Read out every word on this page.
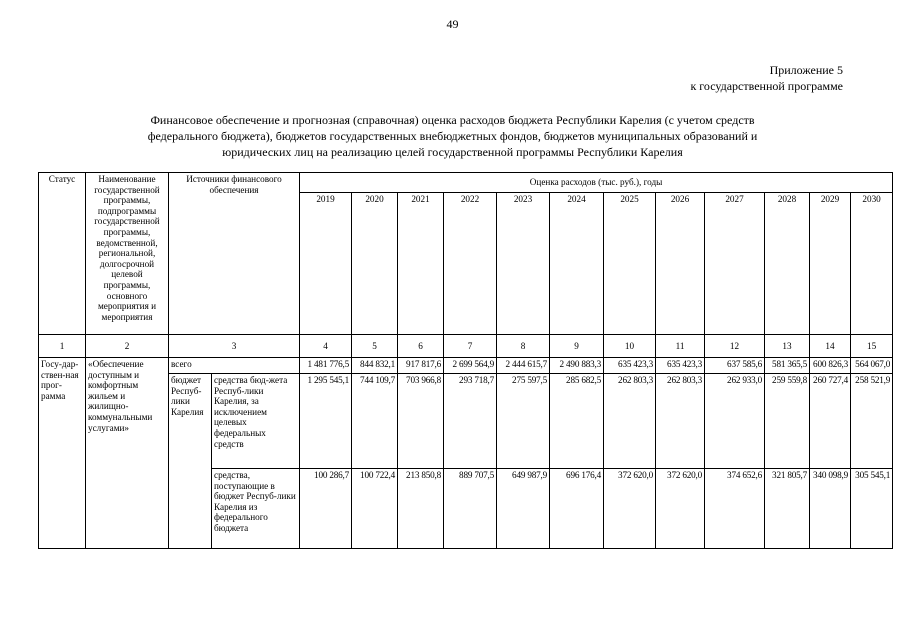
49
Приложение 5
к государственной программе
Финансовое обеспечение и прогнозная (справочная) оценка расходов бюджета Республики Карелия (с учетом средств
федерального бюджета), бюджетов государственных внебюджетных фондов, бюджетов муниципальных образований и
юридических лиц на реализацию целей государственной программы Республики Карелия
Статус	Наименование государственной программы, подпрограммы государственной программы, ведомственной, региональной, долгосрочной целевой программы, основного мероприятия и мероприятия	Источники финансового обеспечения		Оценка расходов (тыс. руб.), годы											
				2019	2020	2021	2022	2023	2024	2025	2026	2027	2028	2029	2030
1	2	3		4	5	6	7	8	9	10	11	12	13	14	15
Госу-дар-ствен-ная прог-рамма	«Обеспечение доступным и комфортным жильем и жилищно-коммунальными услугами»	всего		1 481 776,5	844 832,1	917 817,6	2 699 564,9	2 444 615,7	2 490 883,3	635 423,3	635 423,3	637 585,6	581 365,5	600 826,3	564 067,0
		бюджет Респуб-лики Карелия	средства бюд-жета Респуб-лики Карелия, за исключением целевых федеральных средств	1 295 545,1	744 109,7	703 966,8	293 718,7	275 597,5	285 682,5	262 803,3	262 803,3	262 933,0	259 559,8	260 727,4	258 521,9
			средства, поступающие в бюджет Респуб-лики Карелия из федерального бюджета	100 286,7	100 722,4	213 850,8	889 707,5	649 987,9	696 176,4	372 620,0	372 620,0	374 652,6	321 805,7	340 098,9	305 545,1
